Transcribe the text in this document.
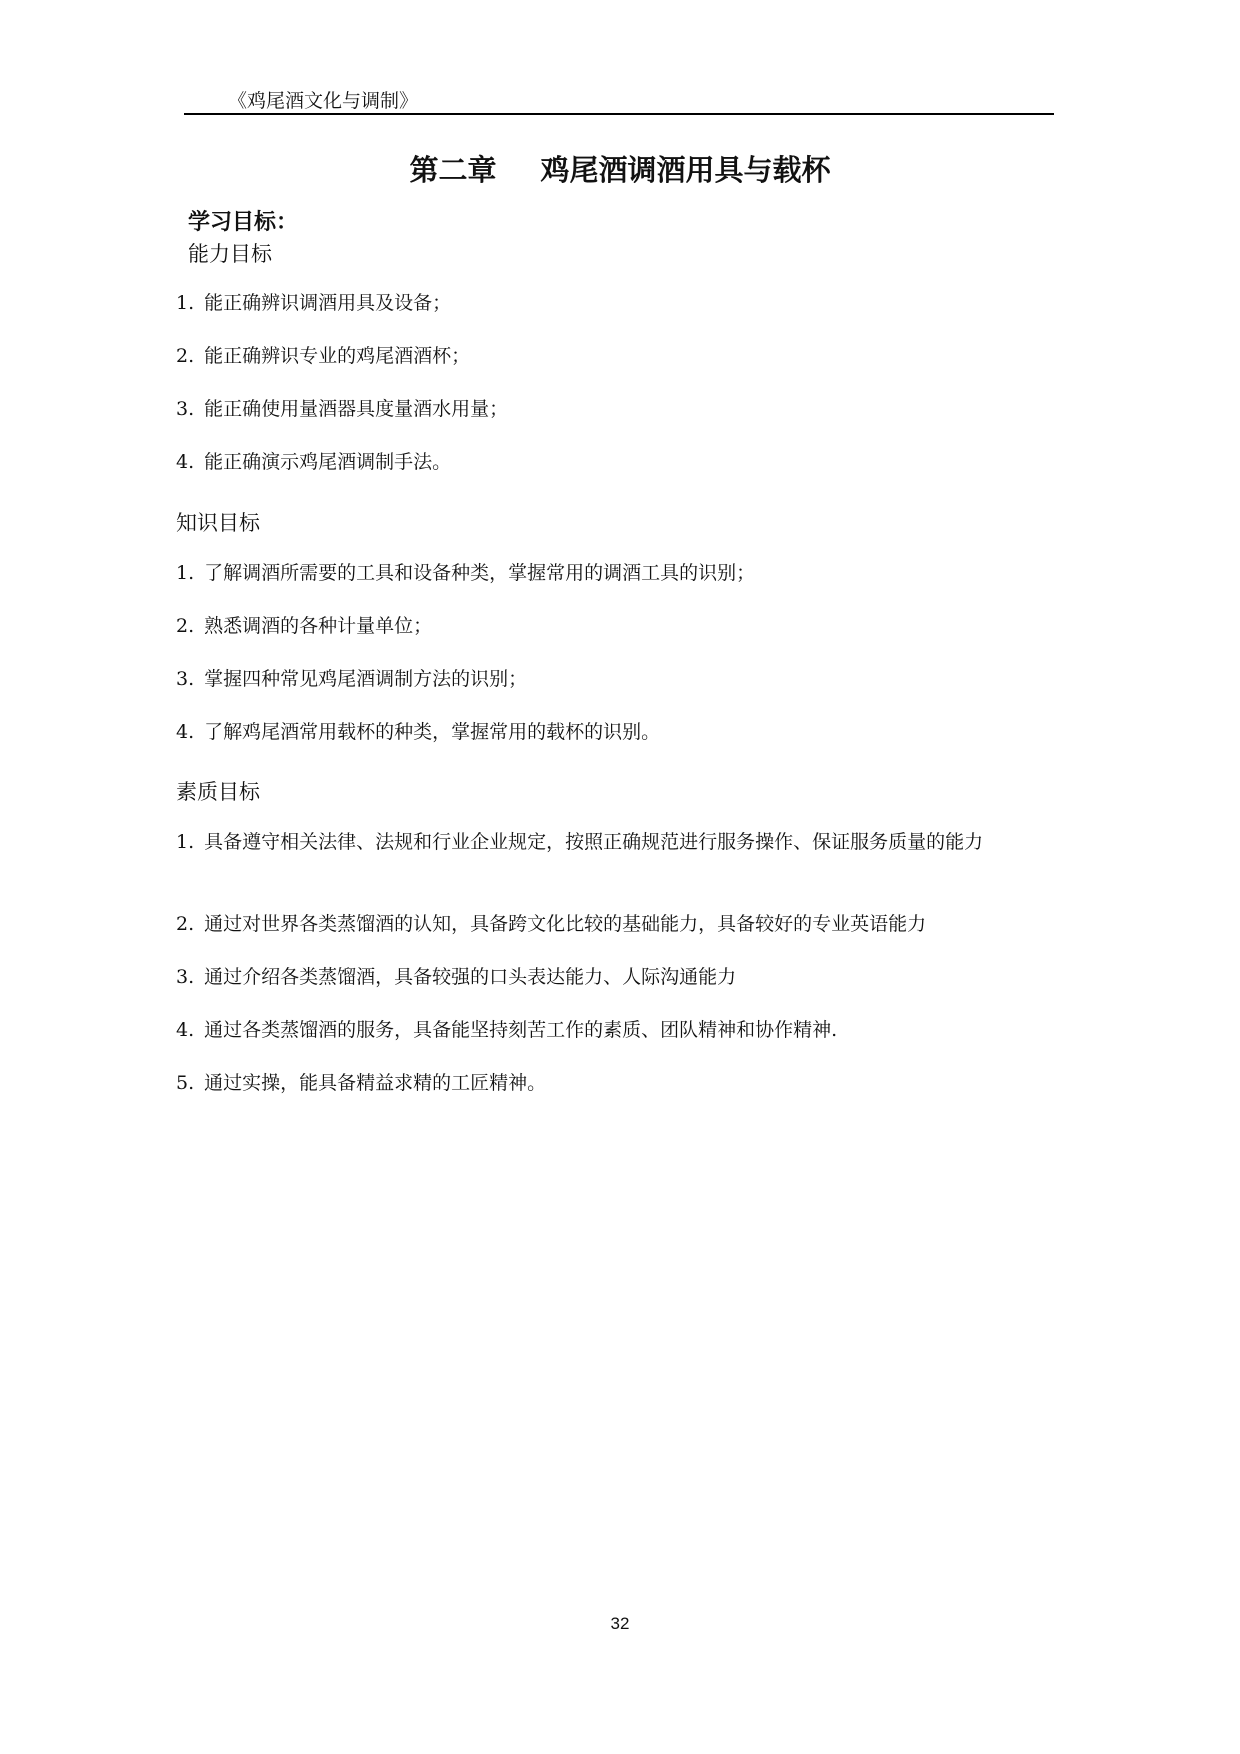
《鸡尾酒文化与调制》
第二章 鸡尾酒调酒用具与载杯
学习目标：
能力目标
1. 能正确辨识调酒用具及设备；
2. 能正确辨识专业的鸡尾酒酒杯；
3. 能正确使用量酒器具度量酒水用量；
4. 能正确演示鸡尾酒调制手法。
知识目标
1. 了解调酒所需要的工具和设备种类，掌握常用的调酒工具的识别；
2. 熟悉调酒的各种计量单位；
3. 掌握四种常见鸡尾酒调制方法的识别；
4. 了解鸡尾酒常用载杯的种类，掌握常用的载杯的识别。
素质目标
1. 具备遵守相关法律、法规和行业企业规定，按照正确规范进行服务操作、保证服务质量的能力
2. 通过对世界各类蒸馏酒的认知，具备跨文化比较的基础能力，具备较好的专业英语能力
3. 通过介绍各类蒸馏酒，具备较强的口头表达能力、人际沟通能力
4. 通过各类蒸馏酒的服务，具备能坚持刻苦工作的素质、团队精神和协作精神.
5. 通过实操，能具备精益求精的工匠精神。
32
